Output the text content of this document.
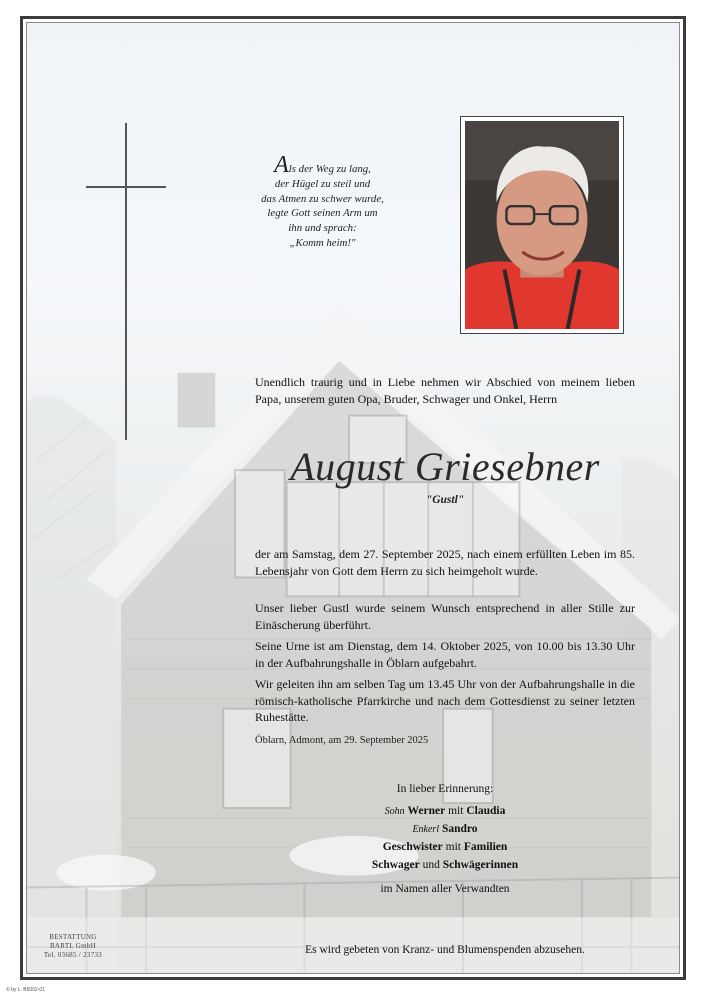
Als der Weg zu lang,
der Hügel zu steil und
das Atmen zu schwer wurde,
legte Gott seinen Arm um
ihn und sprach:
„Komm heim!"
Unendlich traurig und in Liebe nehmen wir Abschied von meinem lieben Papa, unserem guten Opa, Bruder, Schwager und Onkel, Herrn
August Griesebner
"Gustl"
der am Samstag, dem 27. September 2025, nach einem erfüllten Leben im 85. Lebensjahr von Gott dem Herrn zu sich heimgeholt wurde.
Unser lieber Gustl wurde seinem Wunsch entsprechend in aller Stille zur Einäscherung überführt.
Seine Urne ist am Dienstag, dem 14. Oktober 2025, von 10.00 bis 13.30 Uhr in der Aufbahrungshalle in Öblarn aufgebahrt.
Wir geleiten ihn am selben Tag um 13.45 Uhr von der Aufbahrungshalle in die römisch-katholische Pfarrkirche und nach dem Gottesdienst zu seiner letzten Ruhestätte.
Öblarn, Admont, am 29. September 2025
In lieber Erinnerung:
Sohn Werner mit Claudia
Enkerl Sandro
Geschwister mit Familien
Schwager und Schwägerinnen
im Namen aller Verwandten
Es wird gebeten von Kranz- und Blumenspenden abzusehen.
BESTATTUNG
BARTL GmbH
Tel. 03685 / 23733
© by L. B6002-01
